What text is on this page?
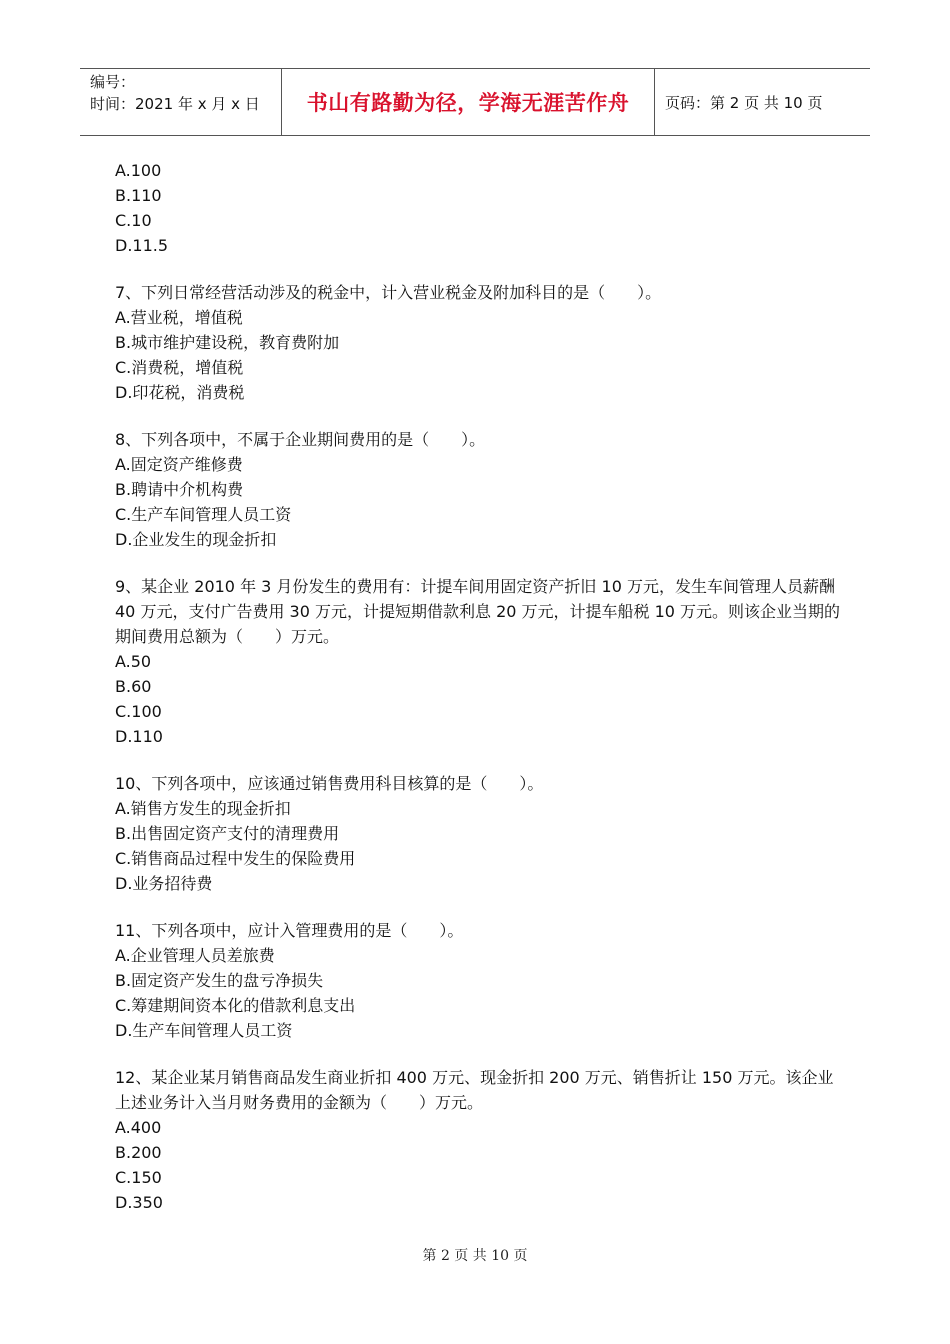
编号：
时间：2021 年 x 月 x 日	书山有路勤为径，学海无涯苦作舟 页码：第 2 页 共 10 页

A.100

B.110

C.10

D.11.5

7、下列日常经营活动涉及的税金中，计入营业税金及附加科目的是（　　）。

A.营业税，增值税

B.城市维护建设税，教育费附加

C.消费税，增值税

D.印花税，消费税

8、下列各项中，不属于企业期间费用的是（　　）。

A.固定资产维修费

B.聘请中介机构费

C.生产车间管理人员工资

D.企业发生的现金折扣

9、某企业 2010 年 3 月份发生的费用有：计提车间用固定资产折旧 10 万元，发生车间管理人员薪酬 40 万元，支付广告费用 30 万元，计提短期借款利息 20 万元，计提车船税 10 万元。则该企业当期的期间费用总额为（　　）万元。

A.50

B.60

C.100

D.110

10、下列各项中，应该通过销售费用科目核算的是（　　）。

A.销售方发生的现金折扣

B.出售固定资产支付的清理费用

C.销售商品过程中发生的保险费用

D.业务招待费

11、下列各项中，应计入管理费用的是（　　）。

A.企业管理人员差旅费

B.固定资产发生的盘亏净损失

C.筹建期间资本化的借款利息支出

D.生产车间管理人员工资

12、某企业某月销售商品发生商业折扣 400 万元、现金折扣 200 万元、销售折让 150 万元。该企业上述业务计入当月财务费用的金额为（　　）万元。

A.400

B.200

C.150

D.350

第 2 页 共 10 页
